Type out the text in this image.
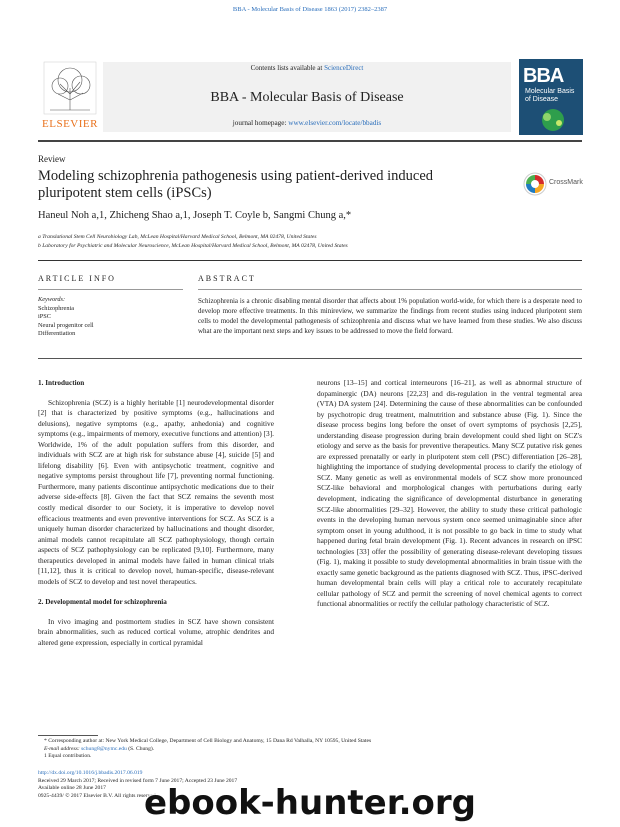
BBA - Molecular Basis of Disease 1863 (2017) 2382–2387
ELSEVIER
Contents lists available at ScienceDirect
BBA - Molecular Basis of Disease
journal homepage: www.elsevier.com/locate/bbadis
BBA
Molecular Basis of Disease
Review
Modeling schizophrenia pathogenesis using patient-derived induced pluripotent stem cells (iPSCs)
CrossMark
Haneul Noh a,1, Zhicheng Shao a,1, Joseph T. Coyle b, Sangmi Chung a,*
a Translational Stem Cell Neurobiology Lab, McLean Hospital/Harvard Medical School, Belmont, MA 02478, United States
b Laboratory for Psychiatric and Molecular Neuroscience, McLean Hospital/Harvard Medical School, Belmont, MA 02478, United States
ARTICLE INFO	ABSTRACT
Keywords:
Schizophrenia
iPSC
Neural progenitor cell
Differentiation
Schizophrenia is a chronic disabling mental disorder that affects about 1% population world-wide, for which there is a desperate need to develop more effective treatments. In this minireview, we summarize the findings from recent studies using induced pluripotent stem cells to model the developmental pathogenesis of schizophrenia and discuss what we have learned from these studies. We also discuss what are the important next steps and key issues to be addressed to move the field forward.
1. Introduction

Schizophrenia (SCZ) is a highly heritable [1] neurodevelopmental disorder [2] that is characterized by positive symptoms (e.g., hallucinations and delusions), negative symptoms (e.g., apathy, anhedonia) and cognitive symptoms (e.g., impairments of memory, executive functions and attention) [3]. Worldwide, 1% of the adult population suffers from this disorder, and individuals with SCZ are at high risk for substance abuse [4], suicide [5] and lifelong disability [6]. Even with antipsychotic treatment, cognitive and negative symptoms persist throughout life [7], preventing normal functioning. Furthermore, many patients discontinue antipsychotic medications due to their adverse side-effects [8]. Given the fact that SCZ remains the seventh most costly medical disorder to our Society, it is imperative to develop novel efficacious treatments and even preventive interventions for SCZ. As SCZ is a uniquely human disorder characterized by hallucinations and thought disorder, animal models cannot recapitulate all SCZ pathophysiology, though certain aspects of SCZ pathophysiology can be replicated [9,10]. Furthermore, many therapeutics developed in animal models have failed in human clinical trials [11,12], thus it is critical to develop novel, human-specific, disease-relevant models of SCZ to develop and test novel therapeutics.

2. Developmental model for schizophrenia

In vivo imaging and postmortem studies in SCZ have shown consistent brain abnormalities, such as reduced cortical volume, atrophic dendrites and altered gene expression, especially in cortical pyramidal

neurons [13–15] and cortical interneurons [16–21], as well as abnormal structure of dopaminergic (DA) neurons [22,23] and dis-regulation in the ventral tegmental area (VTA) DA system [24]. Determining the cause of these abnormalities can be confounded by psychotropic drug treatment, malnutrition and substance abuse (Fig. 1). Since the disease process begins long before the onset of overt symptoms of psychosis [2,25], understanding disease progression during brain development could shed light on SCZ's etiology and serve as the basis for preventive therapeutics. Many SCZ putative risk genes are expressed prenatally or early in pluripotent stem cell (PSC) differentiation [26–28], highlighting the importance of studying developmental process to clarify the etiology of SCZ. Many genetic as well as environmental models of SCZ show more pronounced SCZ-like behavioral and morphological changes with perturbations during early development, indicating the significance of developmental disturbance in generating SCZ-like abnormalities [29–32]. However, the ability to study these critical pathologic events in the developing human nervous system once seemed unimaginable since after symptom onset in young adulthood, it is not possible to go back in time to study what happened during fetal brain development (Fig. 1). Recent advances in research on iPSC technologies [33] offer the possibility of generating disease-relevant developing tissues (Fig. 1), making it possible to study developmental abnormalities in brain tissue with the exactly same genetic background as the patients diagnosed with SCZ. Thus, iPSC-derived human developmental brain cells will play a critical role to accurately recapitulate cellular pathology of SCZ and permit the screening of novel chemical agents to correct functional abnormalities or rectify the cellular pathology characteristic of SCZ.

* Corresponding author at: New York Medical College, Department of Cell Biology and Anatomy, 15 Dana Rd Valhalla, NY 10595, United States
E-mail address: schung8@nymc.edu (S. Chung).
1 Equal contribution.
http://dx.doi.org/10.1016/j.bbadis.2017.06.019
Received 29 March 2017; Received in revised form 7 June 2017; Accepted 23 June 2017
Available online 28 June 2017
0925-4439/ © 2017 Elsevier B.V. All rights reserved.
ebook-hunter.org
